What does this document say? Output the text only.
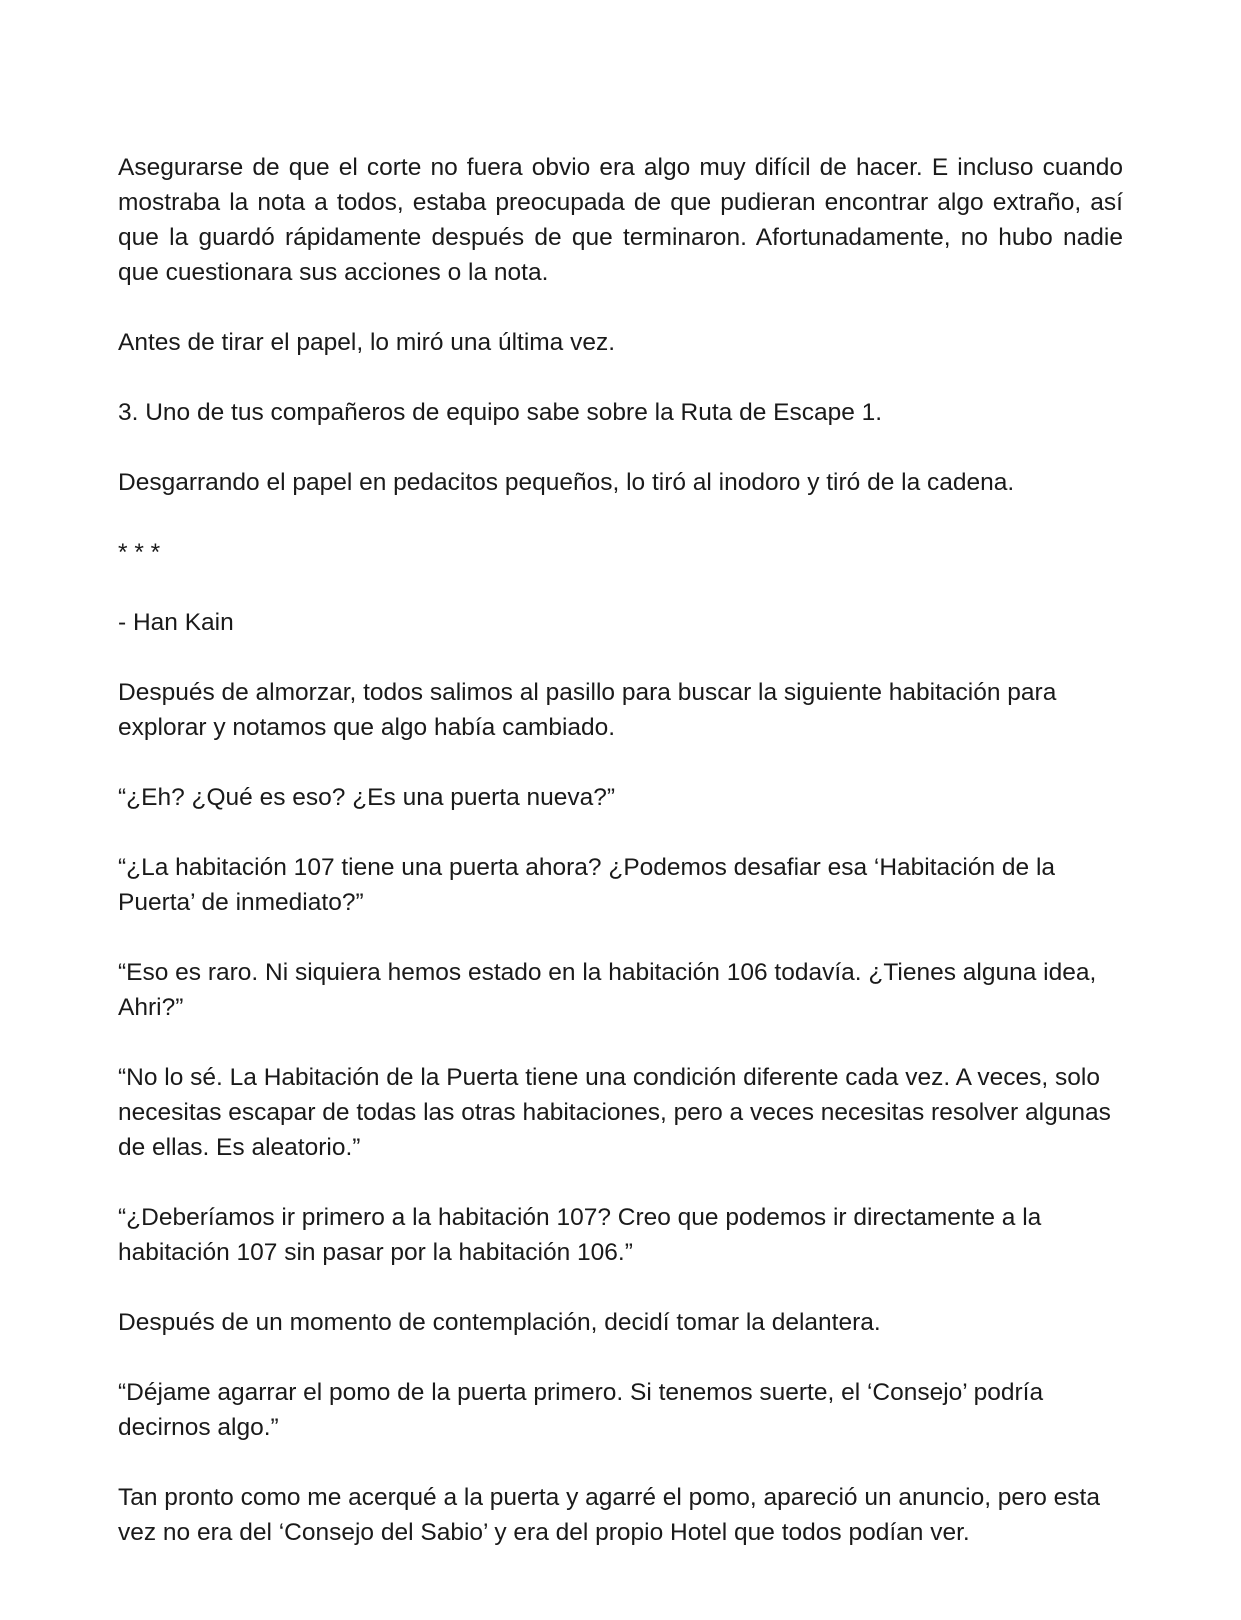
Asegurarse de que el corte no fuera obvio era algo muy difícil de hacer. E incluso cuando mostraba la nota a todos, estaba preocupada de que pudieran encontrar algo extraño, así que la guardó rápidamente después de que terminaron. Afortunadamente, no hubo nadie que cuestionara sus acciones o la nota.

Antes de tirar el papel, lo miró una última vez.

3. Uno de tus compañeros de equipo sabe sobre la Ruta de Escape 1.

Desgarrando el papel en pedacitos pequeños, lo tiró al inodoro y tiró de la cadena.

* * *

- Han Kain

Después de almorzar, todos salimos al pasillo para buscar la siguiente habitación para explorar y notamos que algo había cambiado.

“¿Eh? ¿Qué es eso? ¿Es una puerta nueva?”

“¿La habitación 107 tiene una puerta ahora? ¿Podemos desafiar esa ‘Habitación de la Puerta’ de inmediato?”

“Eso es raro. Ni siquiera hemos estado en la habitación 106 todavía. ¿Tienes alguna idea, Ahri?”

“No lo sé. La Habitación de la Puerta tiene una condición diferente cada vez. A veces, solo necesitas escapar de todas las otras habitaciones, pero a veces necesitas resolver algunas de ellas. Es aleatorio.”

“¿Deberíamos ir primero a la habitación 107? Creo que podemos ir directamente a la habitación 107 sin pasar por la habitación 106.”

Después de un momento de contemplación, decidí tomar la delantera.

“Déjame agarrar el pomo de la puerta primero. Si tenemos suerte, el ‘Consejo’ podría decirnos algo.”

Tan pronto como me acerqué a la puerta y agarré el pomo, apareció un anuncio, pero esta vez no era del ‘Consejo del Sabio’ y era del propio Hotel que todos podían ver.
